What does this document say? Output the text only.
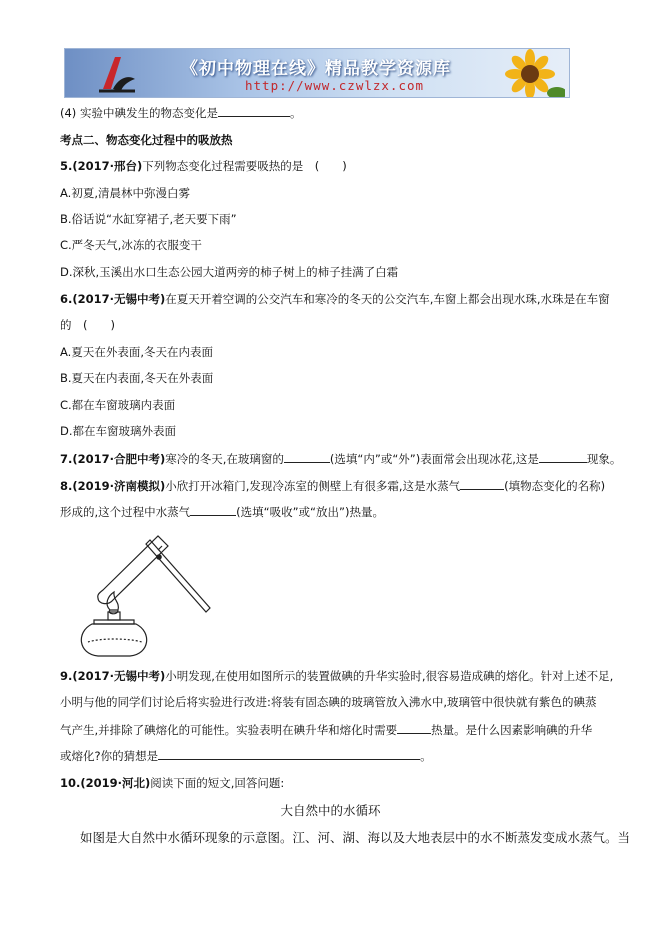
《初中物理在线》精品教学资源库
http://www.czwlzx.com
(4) 实验中碘发生的物态变化是	。
考点二、物态变化过程中的吸放热
5.(2017·邢台)下列物态变化过程需要吸热的是　(　　)
A.初夏,清晨林中弥漫白雾
B.俗话说“水缸穿裙子,老天要下雨”
C.严冬天气,冰冻的衣服变干
D.深秋,玉溪出水口生态公园大道两旁的柿子树上的柿子挂满了白霜
6.(2017·无锡中考)在夏天开着空调的公交汽车和寒冷的冬天的公交汽车,车窗上都会出现水珠,水珠是在车窗
的　(　　)
A.夏天在外表面,冬天在内表面
B.夏天在内表面,冬天在外表面
C.都在车窗玻璃内表面
D.都在车窗玻璃外表面
7.(2017·合肥中考)寒冷的冬天,在玻璃窗的	(选填“内”或“外”)表面常会出现冰花,这是	现象。
8.(2019·济南模拟)小欣打开冰箱门,发现冷冻室的侧壁上有很多霜,这是水蒸气	(填物态变化的名称)
形成的,这个过程中水蒸气	(选填“吸收”或“放出”)热量。
9.(2017·无锡中考)小明发现,在使用如图所示的装置做碘的升华实验时,很容易造成碘的熔化。针对上述不足,
小明与他的同学们讨论后将实验进行改进:将装有固态碘的玻璃管放入沸水中,玻璃管中很快就有紫色的碘蒸
气产生,并排除了碘熔化的可能性。实验表明在碘升华和熔化时需要	热量。是什么因素影响碘的升华
或熔化?你的猜想是	。
10.(2019·河北)阅读下面的短文,回答问题:
大自然中的水循环
如图是大自然中水循环现象的示意图。江、河、湖、海以及大地表层中的水不断蒸发变成水蒸气。当
